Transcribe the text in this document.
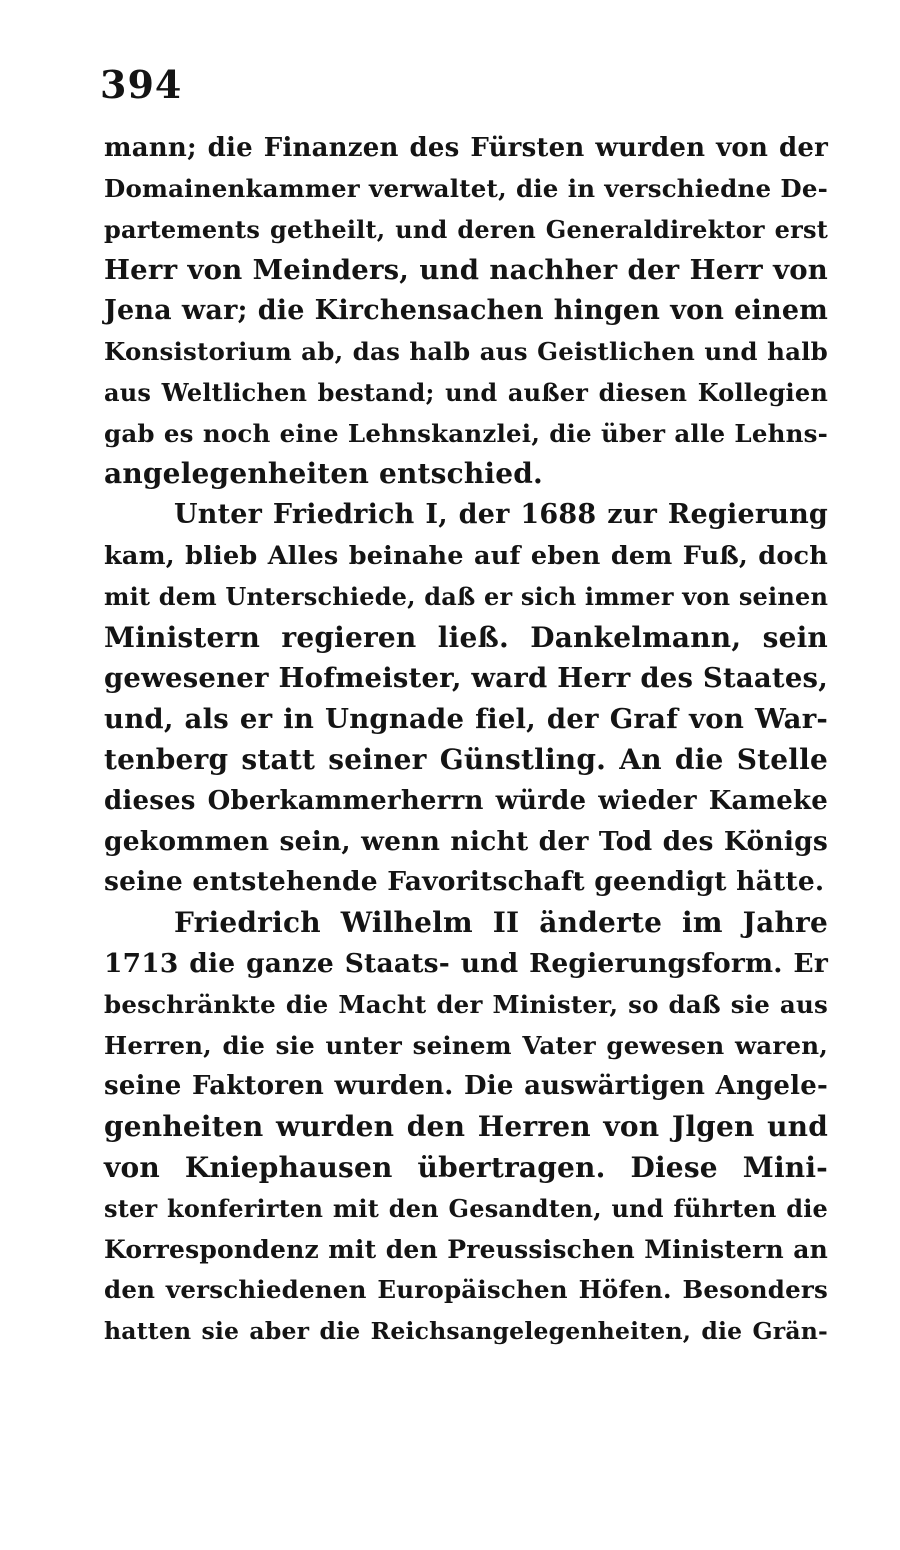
394
mann; die Finanzen des Fürsten wurden von der
Domainenkammer verwaltet, die in verschiedne De-
partements getheilt, und deren Generaldirektor erst
Herr von Meinders, und nachher der Herr von
Jena war; die Kirchensachen hingen von einem
Konsistorium ab, das halb aus Geistlichen und halb
aus Weltlichen bestand; und außer diesen Kollegien
gab es noch eine Lehnskanzlei, die über alle Lehns-
angelegenheiten entschied.
Unter Friedrich I, der 1688 zur Regierung
kam, blieb Alles beinahe auf eben dem Fuß, doch
mit dem Unterschiede, daß er sich immer von seinen
Ministern regieren ließ. Dankelmann, sein
gewesener Hofmeister, ward Herr des Staates,
und, als er in Ungnade fiel, der Graf von War-
tenberg statt seiner Günstling. An die Stelle
dieses Oberkammerherrn würde wieder Kameke
gekommen sein, wenn nicht der Tod des Königs
seine entstehende Favoritschaft geendigt hätte.
Friedrich Wilhelm II änderte im Jahre
1713 die ganze Staats- und Regierungsform. Er
beschränkte die Macht der Minister, so daß sie aus
Herren, die sie unter seinem Vater gewesen waren,
seine Faktoren wurden. Die auswärtigen Angele-
genheiten wurden den Herren von Jlgen und
von Kniephausen übertragen. Diese Mini-
ster konferirten mit den Gesandten, und führten die
Korrespondenz mit den Preussischen Ministern an
den verschiedenen Europäischen Höfen. Besonders
hatten sie aber die Reichsangelegenheiten, die Grän-
